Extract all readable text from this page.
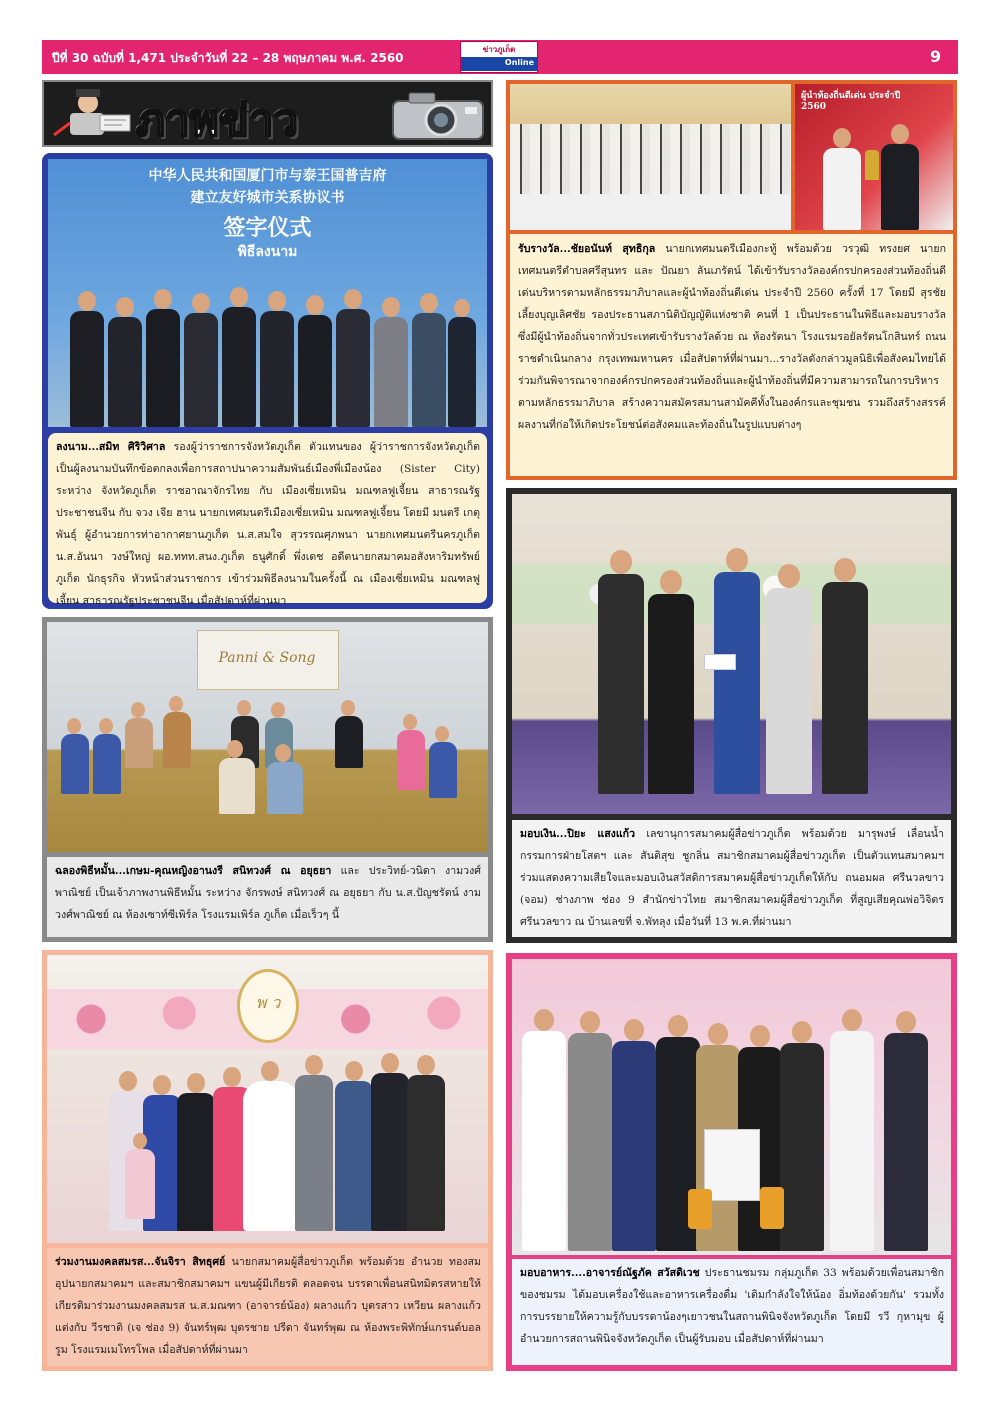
ปีที่ 30 ฉบับที่ 1,471 ประจำวันที่ 22 – 28 พฤษภาคม พ.ศ. 2560
ข่าวภูเก็ต
Online	9
ภาพข่าว
中华人民共和国厦门市与泰王国普吉府
建立友好城市关系协议书
签字仪式
พิธีลงนาม
ลงนาม...สมิท ศิริวิศาล รองผู้ว่าราชการจังหวัดภูเก็ต ตัวแทนของ ผู้ว่าราชการจังหวัดภูเก็ต เป็นผู้ลงนามบันทึกข้อตกลงเพื่อการสถาปนาความสัมพันธ์เมืองพี่เมืองน้อง (Sister City) ระหว่าง จังหวัดภูเก็ต ราชอาณาจักรไทย กับ เมืองเซี่ยเหมิน มณฑลฟูเจี้ยน สาธารณรัฐประชาชนจีน กับ จวง เจีย ฮาน นายกเทศมนตรีเมืองเซี่ยเหมิน มณฑลฟูเจี้ยน โดยมี มนตรี เกตุพันธุ์ ผู้อำนวยการท่าอากาศยานภูเก็ต น.ส.สมใจ สุวรรณศุภพนา นายกเทศมนตรีนครภูเก็ต น.ส.อันนา วงษ์ใหญ่ ผอ.ททท.สนง.ภูเก็ต ธนูศักดิ์ พึ่งเดช อดีตนายกสมาคมอสังหาริมทรัพย์ภูเก็ต นักธุรกิจ หัวหน้าส่วนราชการ เข้าร่วมพิธีลงนามในครั้งนี้ ณ เมืองเซี่ยเหมิน มณฑลฟูเจี้ยน สาธารณรัฐประชาชนจีน เมื่อสัปดาห์ที่ผ่านมา
ผู้นำท้องถิ่นดีเด่น ประจำปี 2560
รับรางวัล...ชัยอนันท์ สุทธิกุล นายกเทศมนตรีเมืองกะทู้ พร้อมด้วย วรวุฒิ ทรงยศ นายกเทศมนตรีตำบลศรีสุนทร และ ปัณยา ลันเภรัตน์ ได้เข้ารับรางวัลองค์กรปกครองส่วนท้องถิ่นดีเด่นบริหารตามหลักธรรมาภิบาลและผู้นำท้องถิ่นดีเด่น ประจำปี 2560 ครั้งที่ 17 โดยมี สุรชัย เลี้ยงบุญเลิศชัย รองประธานสภานิติบัญญัติแห่งชาติ คนที่ 1 เป็นประธานในพิธีและมอบรางวัล ซึ่งมีผู้นำท้องถิ่นจากทั่วประเทศเข้ารับรางวัลด้วย ณ ห้องรัตนา โรงแรมรอยัลรัตนโกสินทร์ ถนนราชดำเนินกลาง กรุงเทพมหานคร เมื่อสัปดาห์ที่ผ่านมา...รางวัลดังกล่าวมูลนิธิเพื่อสังคมไทยได้ร่วมกันพิจารณาจากองค์กรปกครองส่วนท้องถิ่นและผู้นำท้องถิ่นที่มีความสามารถในการบริหารตามหลักธรรมาภิบาล สร้างความสมัครสมานสามัคคีทั้งในองค์กรและชุมชน รวมถึงสร้างสรรค์ผลงานที่ก่อให้เกิดประโยชน์ต่อสังคมและท้องถิ่นในรูปแบบต่างๆ
Panni & Song
ฉลองพิธีหมั้น...เกษม-คุณหญิงอานงรี สนิทวงศ์ ณ อยุธยา และ ประวิทย์-วนิดา งามวงศ์พาณิชย์ เป็นเจ้าภาพงานพิธีหมั้น ระหว่าง จักรพงษ์ สนิทวงศ์ ณ อยุธยา กับ น.ส.ปัญชรัตน์ งามวงศ์พาณิชย์ ณ ห้องเซาท์ซีเพิร์ล โรงแรมเพิร์ล ภูเก็ต เมื่อเร็วๆ นี้
มอบเงิน...ปิยะ แสงแก้ว เลขานุการสมาคมผู้สื่อข่าวภูเก็ต พร้อมด้วย มารุพงษ์ เลื่อนน้ำ กรรมการฝ่ายโสตฯ และ สันติสุข ชูกลิ่น สมาชิกสมาคมผู้สื่อข่าวภูเก็ต เป็นตัวแทนสมาคมฯ ร่วมแสดงความเสียใจและมอบเงินสวัสดิการสมาคมผู้สื่อข่าวภูเก็ตให้กับ ถนอมผล ศรีนวลขาว (จอม) ช่างภาพ ช่อง 9 สำนักข่าวไทย สมาชิกสมาคมผู้สื่อข่าวภูเก็ต ที่สูญเสียคุณพ่อวิจิตร ศรีนวลขาว ณ บ้านเลขที่ จ.พัทลุง เมื่อวันที่ 13 พ.ค.ที่ผ่านมา
พ ว
ร่วมงานมงคลสมรส...จันจิรา สิทธุศย์ นายกสมาคมผู้สื่อข่าวภูเก็ต พร้อมด้วย อำนวย ทองสม อุปนายกสมาคมฯ และสมาชิกสมาคมฯ แขนผู้มีเกียรติ ตลอดจน บรรดาเพื่อนสนิทมิตรสหายให้เกียรติมาร่วมงานมงคลสมรส น.ส.มณฑา (อาจารย์น้อง) ผลางแก้ว บุตรสาว เหวียน ผลางแก้ว แต่งกับ วีรชาติ (เจ ช่อง 9) จันทร์พุฒ บุตรชาย ปรีดา จันทร์พุฒ ณ ห้องพระพิทักษ์แกรนด์บอลรูม โรงแรมเมโทรโพล เมื่อสัปดาห์ที่ผ่านมา
มอบอาหาร....อาจารย์ณัฐภัค สวัสดิเวช ประธานชมรม กลุ่มภูเก็ต 33 พร้อมด้วยเพื่อนสมาชิกของชมรม ได้มอบเครื่องใช้และอาหารเครื่องดื่ม 'เติมกำลังใจให้น้อง อิ่มท้องด้วยกัน' รวมทั้งการบรรยายให้ความรู้กับบรรดาน้องๆเยาวชนในสถานพินิจจังหวัดภูเก็ต โดยมี รวี กุหามุข ผู้อำนวยการสถานพินิจจังหวัดภูเก็ต เป็นผู้รับมอบ เมื่อสัปดาห์ที่ผ่านมา
